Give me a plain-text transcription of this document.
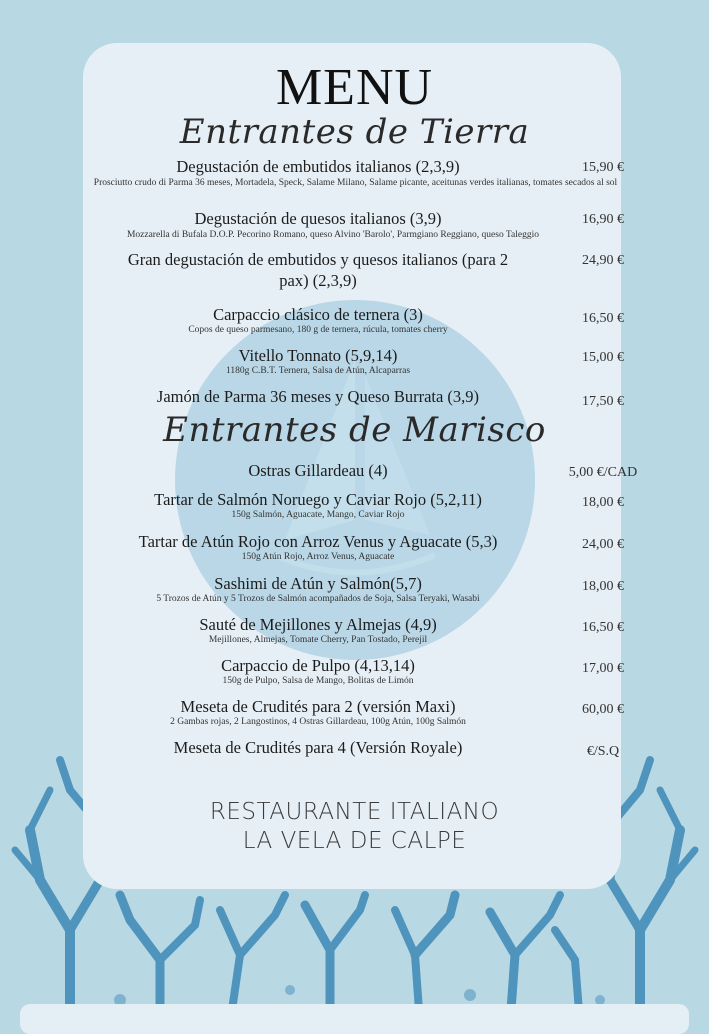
MENU
Entrantes de Tierra
Degustación de embutidos italianos (2,3,9)
Prosciutto crudo di Parma 36 meses, Mortadela, Speck, Salame Milano, Salame picante, aceitunas verdes italianas, tomates secados al sol
15,90 €
Degustación de quesos italianos (3,9)
Mozzarella di Bufala D.O.P. Pecorino Romano, queso Alvino 'Barolo', Parmgiano Reggiano, queso Taleggio
16,90 €
Gran degustación de embutidos y quesos italianos (para 2 pax) (2,3,9)
24,90 €
Carpaccio clásico de ternera (3)
Copos de queso parmesano, 180 g de ternera, rúcula, tomates cherry
16,50 €
Vitello Tonnato (5,9,14)
1180g C.B.T. Ternera, Salsa de Atún, Alcaparras
15,00 €
Jamón de Parma 36 meses y Queso Burrata (3,9)	17,50 €
Entrantes de Marisco
Ostras Gillardeau (4)	5,00 €/CAD
Tartar de Salmón Noruego y Caviar Rojo (5,2,11)
150g Salmón, Aguacate, Mango, Caviar Rojo
18,00 €
Tartar de Atún Rojo con Arroz Venus y Aguacate (5,3)
150g Atún Rojo, Arroz Venus, Aguacate
24,00 €
Sashimi de Atún y Salmón(5,7)
5 Trozos de Atún y 5 Trozos de Salmón acompañados de Soja, Salsa Teryaki, Wasabi
18,00 €
Sauté de Mejillones y Almejas (4,9)
Mejillones, Almejas, Tomate Cherry, Pan Tostado, Perejil
16,50 €
Carpaccio de Pulpo (4,13,14)
150g de Pulpo, Salsa de Mango, Bolitas de Limón
17,00 €
Meseta de Crudités para 2 (versión Maxi)
2 Gambas rojas, 2 Langostinos, 4 Ostras Gillardeau, 100g Atún, 100g Salmón
60,00 €
Meseta de Crudités para 4 (Versión Royale)	€/S.Q
RESTAURANTE ITALIANO
LA VELA DE CALPE
